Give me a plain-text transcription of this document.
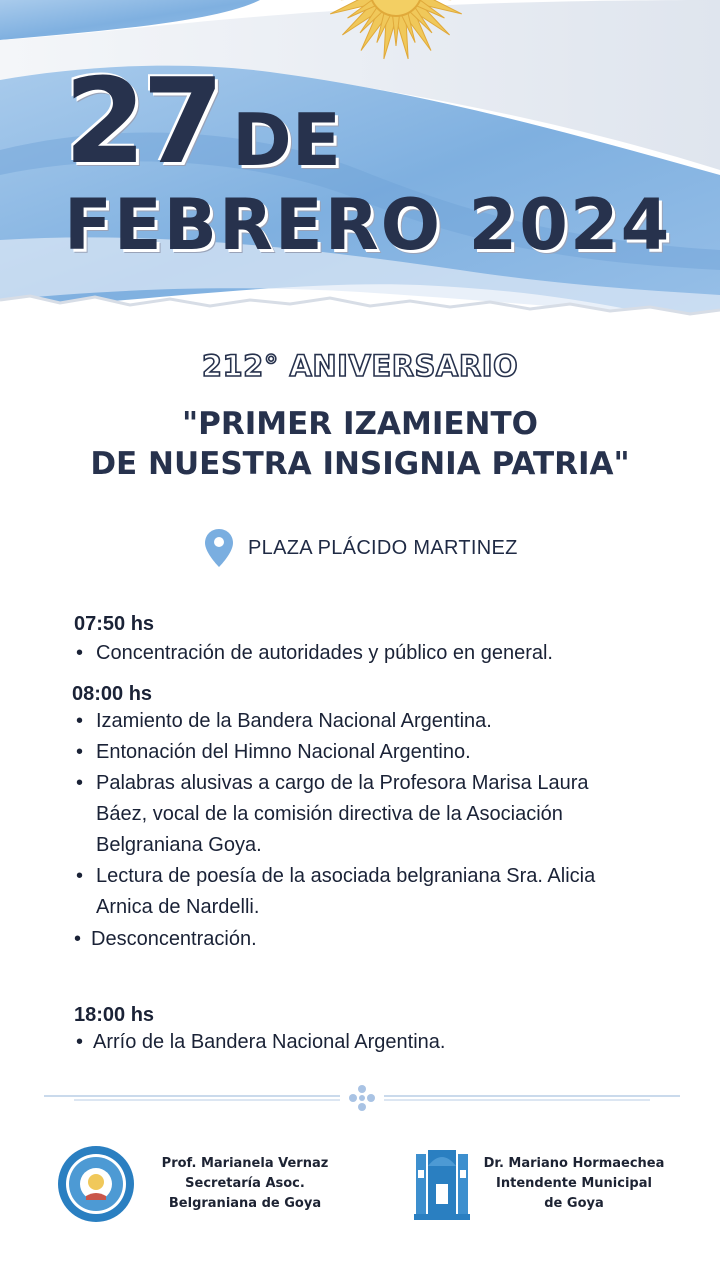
27 DE
FEBRERO 2024
212° ANIVERSARIO
"PRIMER IZAMIENTO
DE NUESTRA INSIGNIA PATRIA"
PLAZA PLÁCIDO MARTINEZ
07:50 hs
• Concentración de autoridades y público en general.
08:00 hs
• Izamiento de la Bandera Nacional Argentina.
• Entonación del Himno Nacional Argentino.
• Palabras alusivas a cargo de la Profesora Marisa Laura
Báez, vocal de la comisión directiva de la Asociación
Belgraniana Goya.
• Lectura de poesía de la asociada belgraniana Sra. Alicia
Arnica de Nardelli.
• Desconcentración.
18:00 hs
• Arrío de la Bandera Nacional Argentina.
Prof. Marianela Vernaz
Secretaría Asoc.
Belgraniana de Goya
Dr. Mariano Hormaechea
Intendente Municipal
de Goya
